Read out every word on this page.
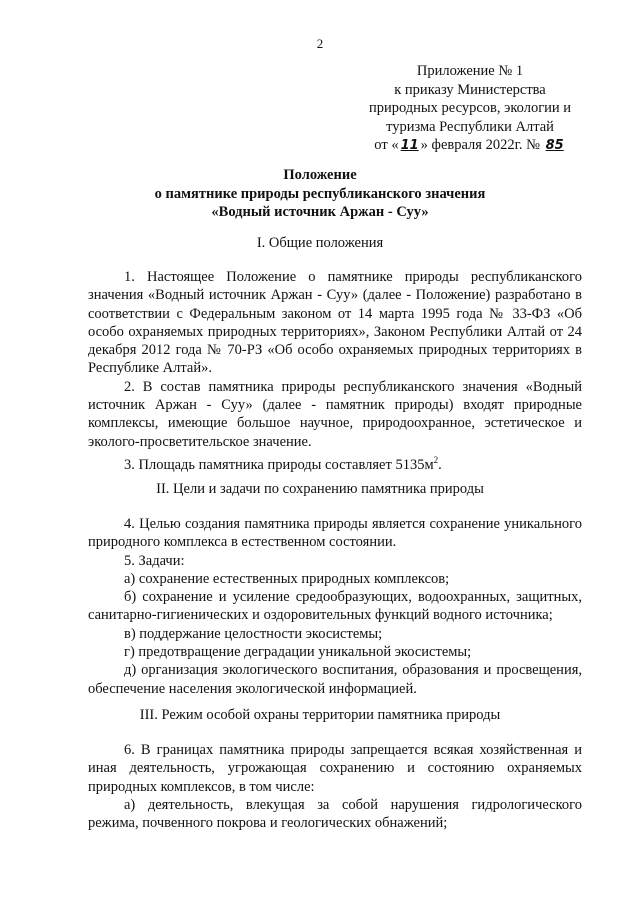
2
Приложение № 1
к приказу Министерства
природных ресурсов, экологии и
туризма Республики Алтай
от « 11 » февраля 2022г. № 85
Положение
о памятнике природы республиканского значения
«Водный источник Аржан - Суу»
I. Общие положения

1. Настоящее Положение о памятнике природы республиканского значения «Водный источник Аржан - Суу» (далее - Положение) разработано в соответствии с Федеральным законом от 14 марта 1995 года № 33-ФЗ «Об особо охраняемых природных территориях», Законом Республики Алтай от 24 декабря 2012 года № 70-РЗ «Об особо охраняемых природных территориях в Республике Алтай».

2. В состав памятника природы республиканского значения «Водный источник Аржан - Суу» (далее - памятник природы) входят природные комплексы, имеющие большое научное, природоохранное, эстетическое и эколого-просветительское значение.

3. Площадь памятника природы составляет $5135м^2$.

II. Цели и задачи по сохранению памятника природы

4. Целью создания памятника природы является сохранение уникального природного комплекса в естественном состоянии.

5. Задачи:

а) сохранение естественных природных комплексов;

б) сохранение и усиление средообразующих, водоохранных, защитных, санитарно-гигиенических и оздоровительных функций водного источника;

в) поддержание целостности экосистемы;

г) предотвращение деградации уникальной экосистемы;

д) организация экологического воспитания, образования и просвещения, обеспечение населения экологической информацией.

III. Режим особой охраны территории памятника природы

6. В границах памятника природы запрещается всякая хозяйственная и иная деятельность, угрожающая сохранению и состоянию охраняемых природных комплексов, в том числе:

а) деятельность, влекущая за собой нарушения гидрологического режима, почвенного покрова и геологических обнажений;
